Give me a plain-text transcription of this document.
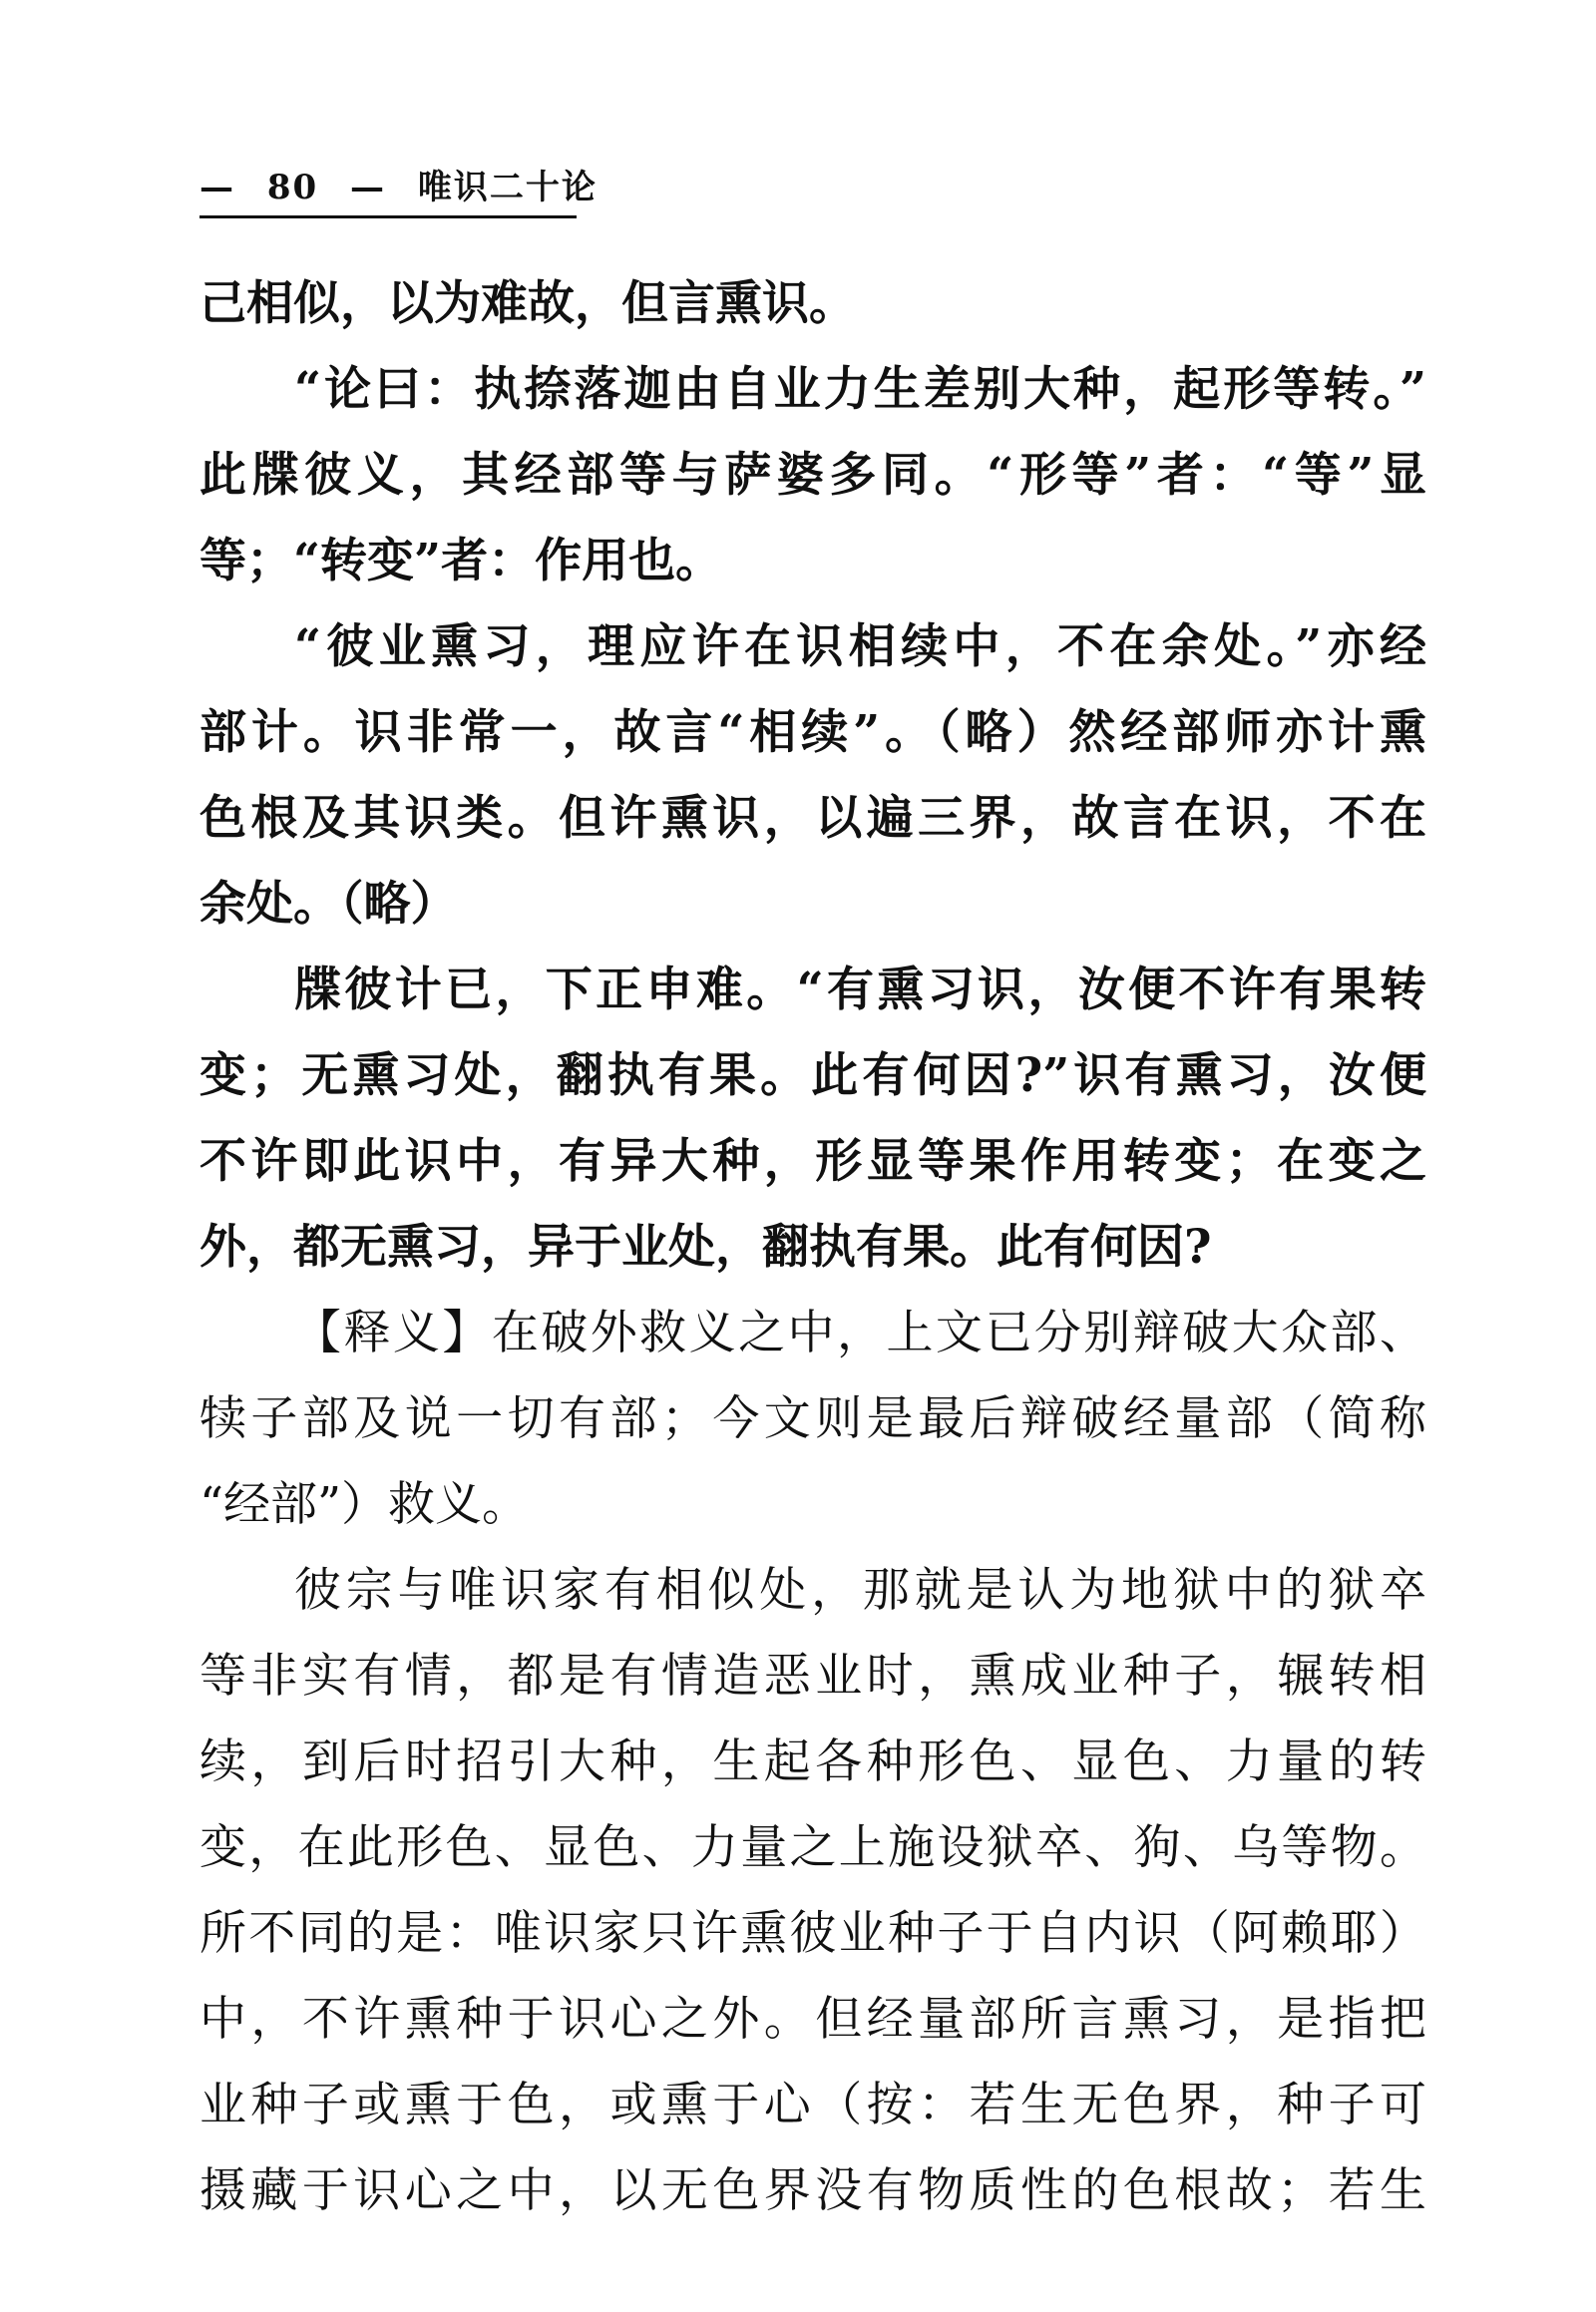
— 80 — 唯识二十论
己相似，以为难故，但言熏识。
“论曰：执捺落迦由自业力生差别大种，起形等转。”
此牒彼义，其经部等与萨婆多同。“形等”者：“等”显
等；“转变”者：作用也。
“彼业熏习，理应许在识相续中，不在余处。”亦经
部计。识非常一，故言“相续”。（略）然经部师亦计熏
色根及其识类。但许熏识，以遍三界，故言在识，不在
余处。（略）
牒彼计已，下正申难。“有熏习识，汝便不许有果转
变；无熏习处，翻执有果。此有何因?”识有熏习，汝便
不许即此识中，有异大种，形显等果作用转变；在变之
外，都无熏习，异于业处，翻执有果。此有何因?
【释义】在破外救义之中，上文已分别辩破大众部、
犊子部及说一切有部；今文则是最后辩破经量部（简称
“经部”）救义。
彼宗与唯识家有相似处，那就是认为地狱中的狱卒
等非实有情，都是有情造恶业时，熏成业种子，辗转相
续，到后时招引大种，生起各种形色、显色、力量的转
变，在此形色、显色、力量之上施设狱卒、狗、乌等物。
所不同的是：唯识家只许熏彼业种子于自内识（阿赖耶）
中，不许熏种于识心之外。但经量部所言熏习，是指把
业种子或熏于色，或熏于心（按：若生无色界，种子可
摄藏于识心之中，以无色界没有物质性的色根故；若生
